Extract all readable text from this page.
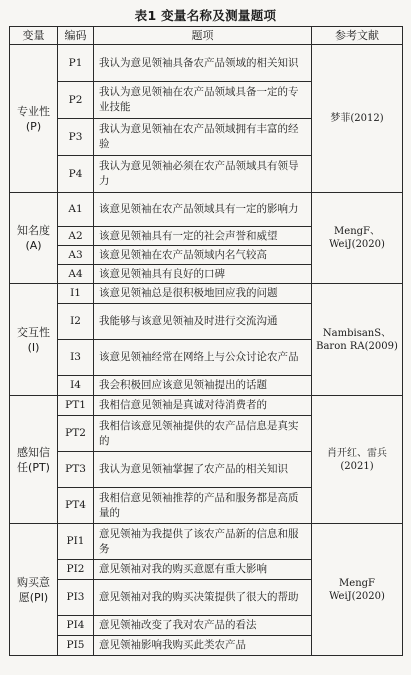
表1 变量名称及测量题项
变量	编码	题项	参考文献
专业性(P)	P1	我认为意见领袖具备农产品领域的相关知识	梦菲(2012)
	P2	我认为意见领袖在农产品领域具备一定的专业技能	
	P3	我认为意见领袖在农产品领域拥有丰富的经验	
	P4	我认为意见领袖必须在农产品领域具有领导力	
知名度(A)	A1	该意见领袖在农产品领域具有一定的影响力	MengF、WeiJ(2020)
	A2	该意见领袖具有一定的社会声誉和威望	
	A3	该意见领袖在农产品领域内名气较高	
	A4	该意见领袖具有良好的口碑	
交互性(I)	I1	该意见领袖总是很积极地回应我的问题	NambisanS、Baron RA(2009)
	I2	我能够与该意见领袖及时进行交流沟通	
	I3	该意见领袖经常在网络上与公众讨论农产品	
	I4	我会积极回应该意见领袖提出的话题	
感知信任(PT)	PT1	我相信意见领袖是真诚对待消费者的	肖开红、雷兵(2021)
	PT2	我相信该意见领袖提供的农产品信息是真实的	
	PT3	我认为意见领袖掌握了农产品的相关知识	
	PT4	我相信意见领袖推荐的产品和服务都是高质量的	
购买意愿(PI)	PI1	意见领袖为我提供了该农产品新的信息和服务	MengF WeiJ(2020)
	PI2	意见领袖对我的购买意愿有重大影响	
	PI3	意见领袖对我的购买决策提供了很大的帮助	
	PI4	意见领袖改变了我对农产品的看法	
	PI5	意见领袖影响我购买此类农产品	
